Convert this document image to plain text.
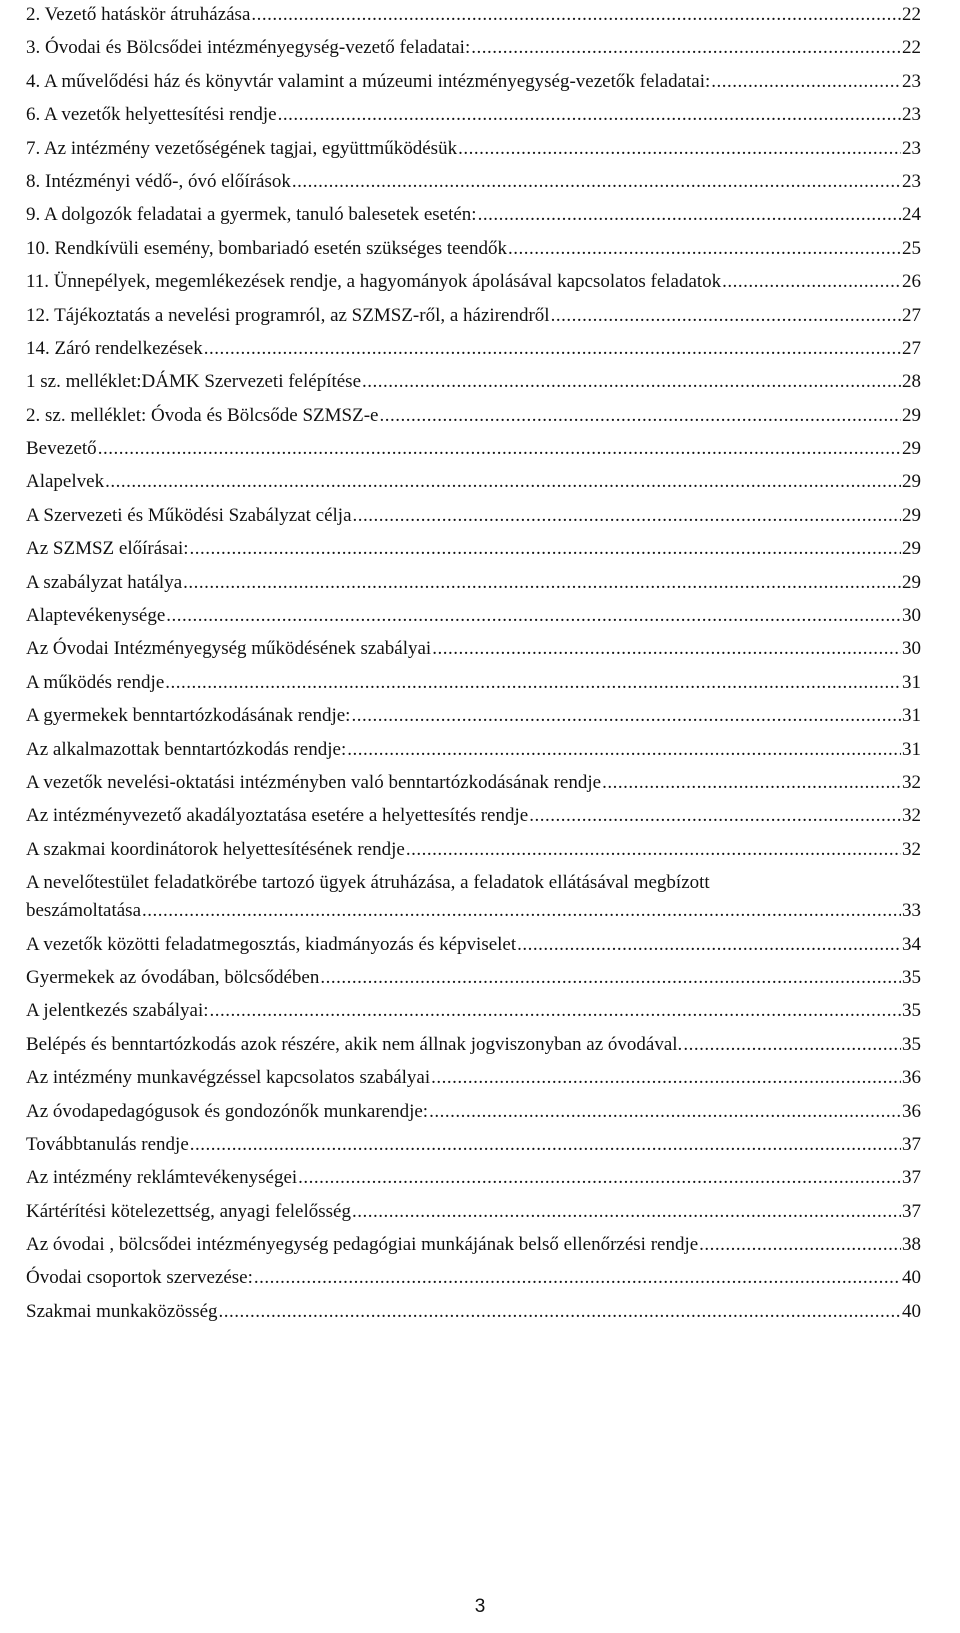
2. Vezető hatáskör átruházása .....	22
3. Óvodai és Bölcsődei intézményegység-vezető feladatai: .....	22
4. A művelődési ház és könyvtár valamint a múzeumi intézményegység-vezetők feladatai: .....	23
6. A vezetők helyettesítési rendje .....	23
7. Az intézmény vezetőségének tagjai, együttműködésük .....	23
8. Intézményi védő-, óvó előírások .....	23
9. A dolgozók feladatai a gyermek, tanuló balesetek esetén: .....	24
10. Rendkívüli esemény, bombariadó esetén szükséges teendők .....	25
11. Ünnepélyek, megemlékezések rendje, a hagyományok ápolásával kapcsolatos feladatok .....	26
12. Tájékoztatás a nevelési programról, az SZMSZ-ről, a házirendről .....	27
14. Záró rendelkezések .....	27
1 sz. melléklet:DÁMK Szervezeti felépítése .....	28
2. sz. melléklet: Óvoda és Bölcsőde SZMSZ-e .....	29
Bevezető .....	29
Alapelvek .....	29
A Szervezeti és Működési Szabályzat célja .....	29
Az SZMSZ előírásai: .....	29
A szabályzat hatálya .....	29
Alaptevékenysége .....	30
Az Óvodai Intézményegység működésének szabályai .....	30
A működés rendje .....	31
A gyermekek benntartózkodásának rendje: .....	31
Az alkalmazottak benntartózkodás rendje: .....	31
A vezetők nevelési-oktatási intézményben való benntartózkodásának rendje .....	32
Az intézményvezető akadályoztatása esetére a helyettesítés rendje .....	32
A szakmai koordinátorok helyettesítésének rendje .....	32
A nevelőtestület feladatkörébe tartozó ügyek átruházása, a feladatok ellátásával megbízott
beszámoltatása .....	33
A vezetők közötti feladatmegosztás, kiadmányozás és képviselet .....	34
Gyermekek az óvodában, bölcsődében .....	35
A jelentkezés szabályai: .....	35
Belépés és benntartózkodás azok részére, akik nem állnak jogviszonyban az óvodával. .....	35
Az intézmény munkavégzéssel kapcsolatos szabályai .....	36
Az óvodapedagógusok és gondozónők munkarendje: .....	36
Továbbtanulás rendje .....	37
Az intézmény reklámtevékenységei .....	37
Kártérítési kötelezettség, anyagi felelősség .....	37
Az óvodai , bölcsődei intézményegység pedagógiai munkájának belső ellenőrzési rendje .....	38
Óvodai csoportok szervezése: .....	40
Szakmai munkaközösség .....	40
3
